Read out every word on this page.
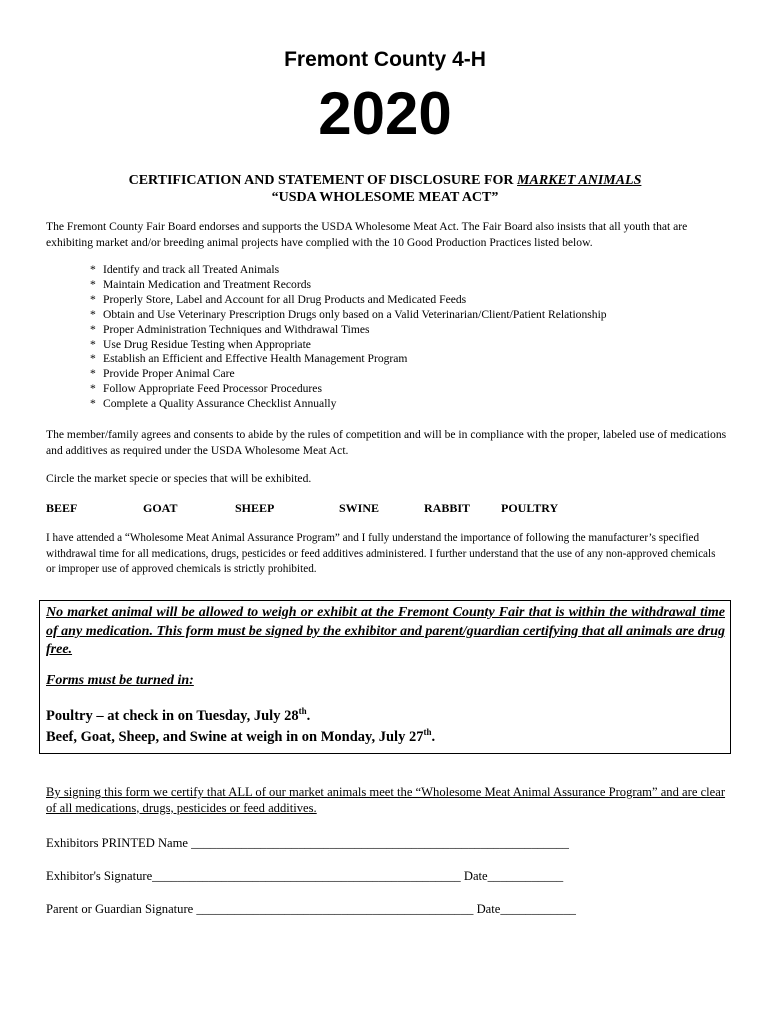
Fremont County 4-H
2020
CERTIFICATION AND STATEMENT OF DISCLOSURE FOR MARKET ANIMALS
“USDA WHOLESOME MEAT ACT”
The Fremont County Fair Board endorses and supports the USDA Wholesome Meat Act. The Fair Board also insists that all youth that are exhibiting market and/or breeding animal projects have complied with the 10 Good Production Practices listed below.
* Identify and track all Treated Animals
* Maintain Medication and Treatment Records
* Properly Store, Label and Account for all Drug Products and Medicated Feeds
* Obtain and Use Veterinary Prescription Drugs only based on a Valid Veterinarian/Client/Patient Relationship
* Proper Administration Techniques and Withdrawal Times
* Use Drug Residue Testing when Appropriate
* Establish an Efficient and Effective Health Management Program
* Provide Proper Animal Care
* Follow Appropriate Feed Processor Procedures
* Complete a Quality Assurance Checklist Annually
The member/family agrees and consents to abide by the rules of competition and will be in compliance with the proper, labeled use of medications and additives as required under the USDA Wholesome Meat Act.
Circle the market specie or species that will be exhibited.
BEEF	GOAT	SHEEP	SWINE	RABBIT	POULTRY
I have attended a “Wholesome Meat Animal Assurance Program” and I fully understand the importance of following the manufacturer’s specified withdrawal time for all medications, drugs, pesticides or feed additives administered. I further understand that the use of any non-approved chemicals or improper use of approved chemicals is strictly prohibited.
No market animal will be allowed to weigh or exhibit at the Fremont County Fair that is within the withdrawal time of any medication. This form must be signed by the exhibitor and parent/guardian certifying that all animals are drug free.
Forms must be turned in:
Poultry – at check in on Tuesday, July 28th.
Beef, Goat, Sheep, and Swine at weigh in on Monday, July 27th.
By signing this form we certify that ALL of our market animals meet the “Wholesome Meat Animal Assurance Program” and are clear of all medications, drugs, pesticides or feed additives.
Exhibitors PRINTED Name ____________________________________________________________
Exhibitor's Signature_________________________________________________ Date____________
Parent or Guardian Signature ____________________________________________ Date____________
